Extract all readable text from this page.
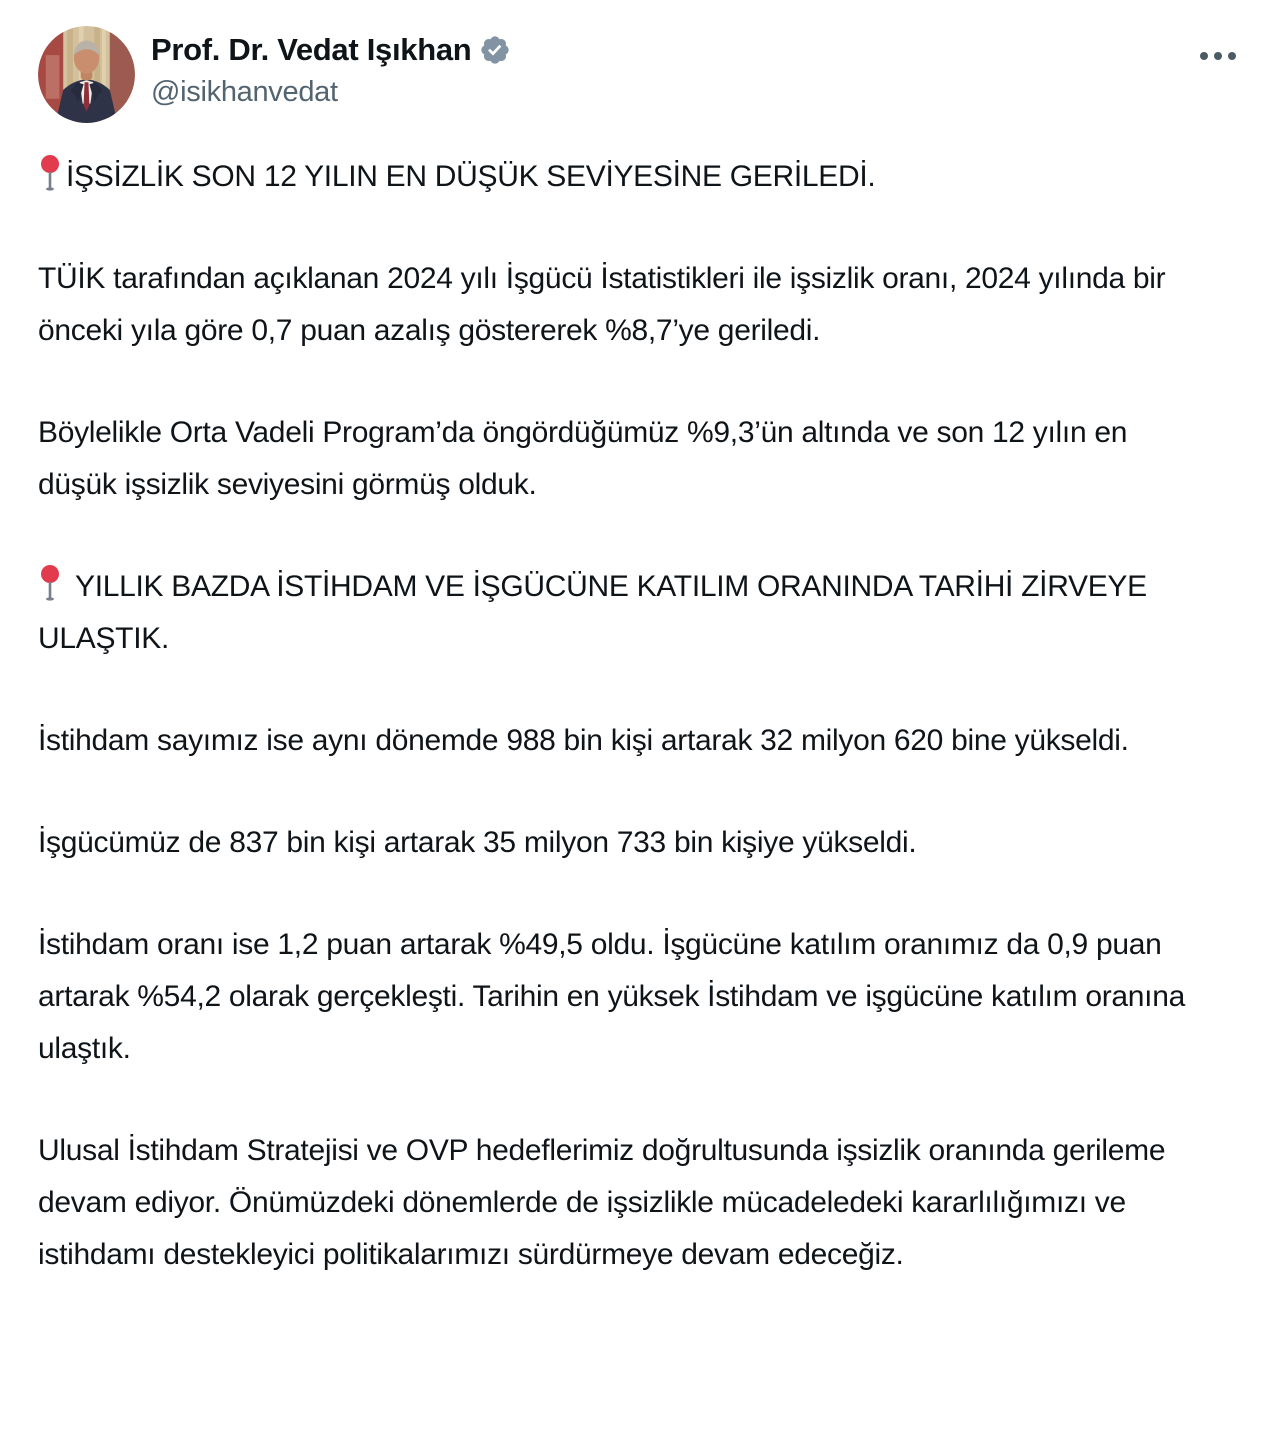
Prof. Dr. Vedat Işıkhan
@isikhanvedat

İŞSİZLİK SON 12 YILIN EN DÜŞÜK SEVİYESİNE GERİLEDİ.

TÜİK tarafından açıklanan 2024 yılı İşgücü İstatistikleri ile işsizlik oranı, 2024 yılında bir önceki yıla göre 0,7 puan azalış göstererek %8,7’ye geriledi.

Böylelikle Orta Vadeli Program’da öngördüğümüz %9,3’ün altında ve son 12 yılın en düşük işsizlik seviyesini görmüş olduk.

YILLIK BAZDA İSTİHDAM VE İŞGÜCÜNE KATILIM ORANINDA TARİHİ ZİRVEYE ULAŞTIK.

İstihdam sayımız ise aynı dönemde 988 bin kişi artarak 32 milyon 620 bine yükseldi.

İşgücümüz de 837 bin kişi artarak 35 milyon 733 bin kişiye yükseldi.

İstihdam oranı ise 1,2 puan artarak %49,5 oldu. İşgücüne katılım oranımız da 0,9 puan artarak %54,2 olarak gerçekleşti. Tarihin en yüksek İstihdam ve işgücüne katılım oranına ulaştık.

Ulusal İstihdam Stratejisi ve OVP hedeflerimiz doğrultusunda işsizlik oranında gerileme devam ediyor. Önümüzdeki dönemlerde de işsizlikle mücadeledeki kararlılığımızı ve istihdamı destekleyici politikalarımızı sürdürmeye devam edeceğiz.
